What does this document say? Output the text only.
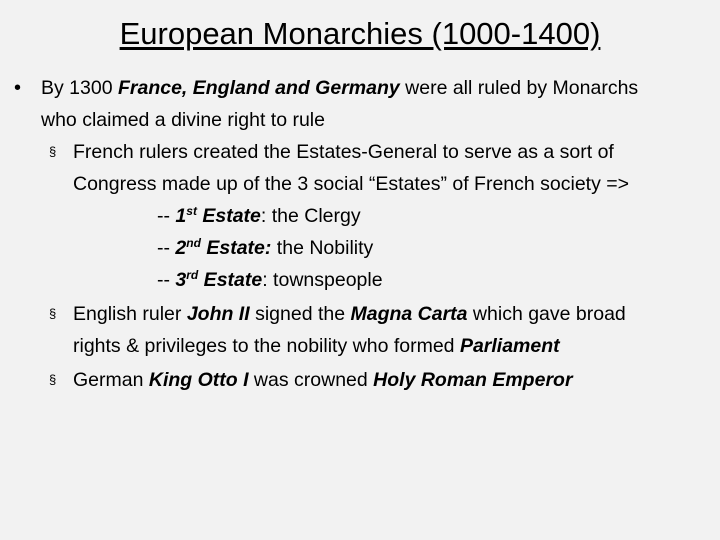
European Monarchies (1000-1400)
• By 1300 France, England and Germany were all ruled by Monarchs
who claimed a divine right to rule
§ French rulers created the Estates-General to serve as a sort of
Congress made up of the 3 social “Estates” of French society =>
-- 1st Estate: the Clergy
-- 2nd Estate: the Nobility
-- 3rd Estate: townspeople
§ English ruler John II signed the Magna Carta which gave broad
rights & privileges to the nobility who formed Parliament
§ German King Otto I was crowned Holy Roman Emperor
